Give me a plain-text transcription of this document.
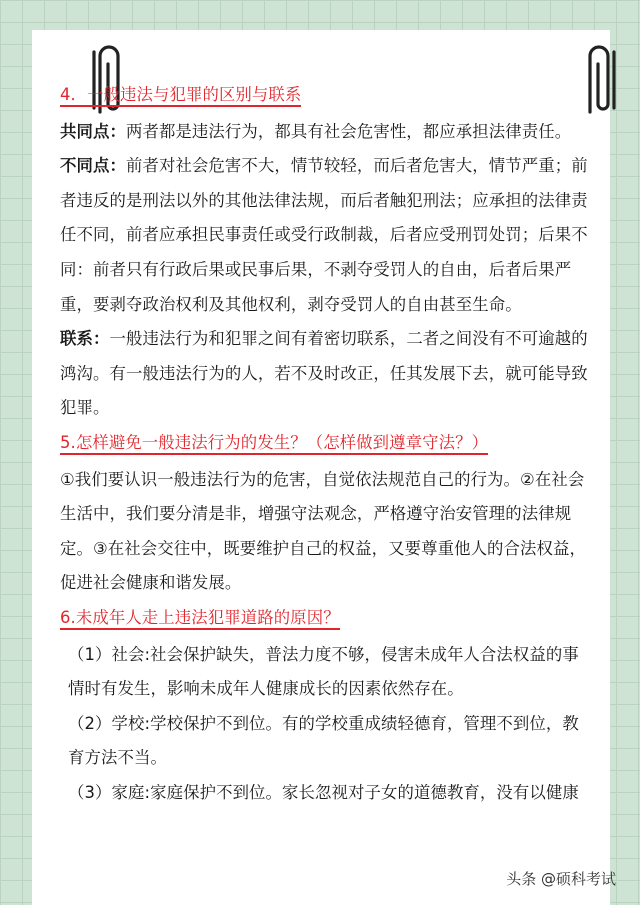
4．一般违法与犯罪的区别与联系

共同点：两者都是违法行为，都具有社会危害性，都应承担法律责任。

不同点：前者对社会危害不大，情节较轻，而后者危害大，情节严重；前者违反的是刑法以外的其他法律法规，而后者触犯刑法；应承担的法律责任不同，前者应承担民事责任或受行政制裁，后者应受刑罚处罚；后果不同：前者只有行政后果或民事后果，不剥夺受罚人的自由，后者后果严重，要剥夺政治权利及其他权利，剥夺受罚人的自由甚至生命。

联系：一般违法行为和犯罪之间有着密切联系，二者之间没有不可逾越的鸿沟。有一般违法行为的人，若不及时改正，任其发展下去，就可能导致犯罪。

5.怎样避免一般违法行为的发生？（怎样做到遵章守法？）

①我们要认识一般违法行为的危害，自觉依法规范自己的行为。②在社会生活中，我们要分清是非，增强守法观念，严格遵守治安管理的法律规定。③在社会交往中，既要维护自己的权益，又要尊重他人的合法权益，促进社会健康和谐发展。

6.未成年人走上违法犯罪道路的原因？

（1）社会:社会保护缺失，普法力度不够，侵害未成年人合法权益的事情时有发生，影响未成年人健康成长的因素依然存在。

（2）学校:学校保护不到位。有的学校重成绩轻德育，管理不到位，教育方法不当。

（3）家庭:家庭保护不到位。家长忽视对子女的道德教育，没有以健康

头条 @硕科考试
